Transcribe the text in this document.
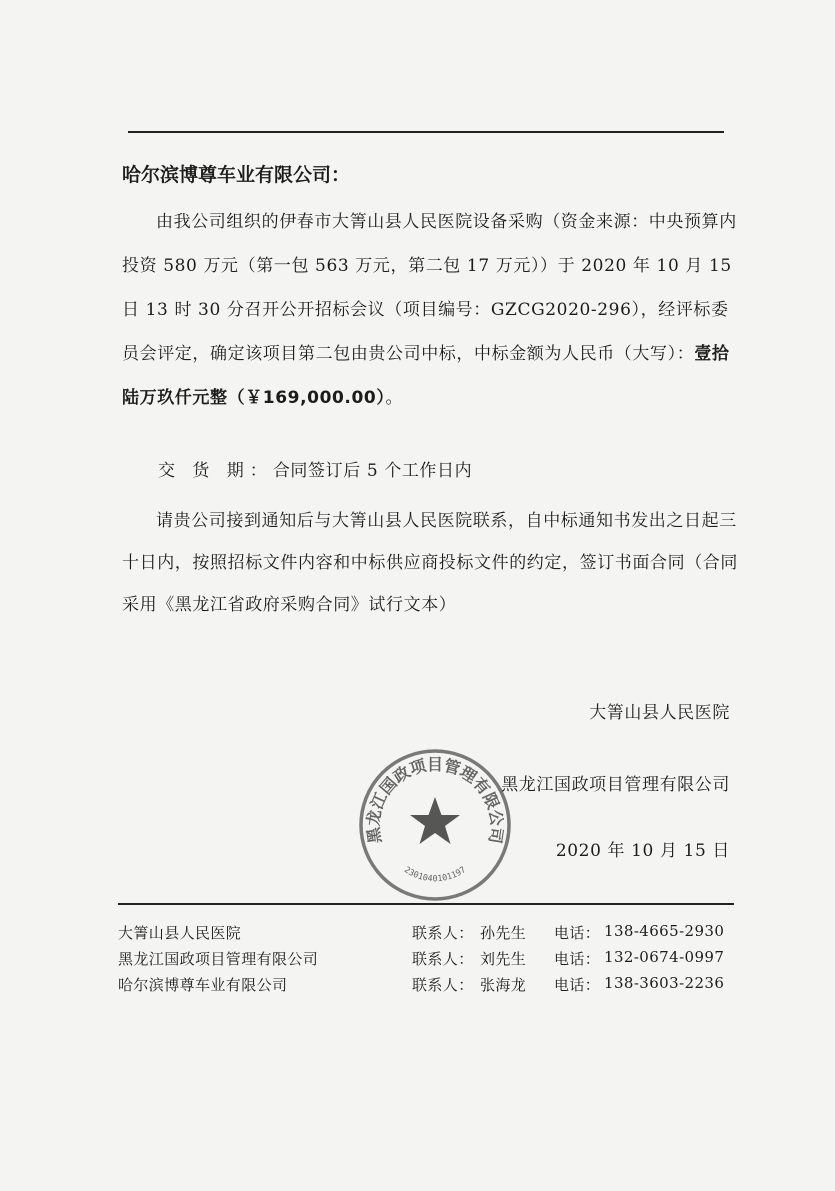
哈尔滨博尊车业有限公司：

由我公司组织的伊春市大箐山县人民医院设备采购（资金来源：中央预算内投资 580 万元（第一包 563 万元，第二包 17 万元））于 2020 年 10 月 15 日 13 时 30 分召开公开招标会议（项目编号：GZCG2020-296），经评标委员会评定，确定该项目第二包由贵公司中标，中标金额为人民币（大写）：壹拾陆万玖仟元整（￥169,000.00）。

交 货 期：合同签订后 5 个工作日内

请贵公司接到通知后与大箐山县人民医院联系，自中标通知书发出之日起三十日内，按照招标文件内容和中标供应商投标文件的约定，签订书面合同（合同采用《黑龙江省政府采购合同》试行文本）

大箐山县人民医院
黑龙江国政项目管理有限公司
2301040101197
黑龙江国政项目管理有限公司
2020 年 10 月 15 日
大箐山县人民医院	联系人： 孙先生 电话： 138-4665-2930
黑龙江国政项目管理有限公司	联系人： 刘先生 电话： 132-0674-0997
哈尔滨博尊车业有限公司	联系人： 张海龙 电话： 138-3603-2236
